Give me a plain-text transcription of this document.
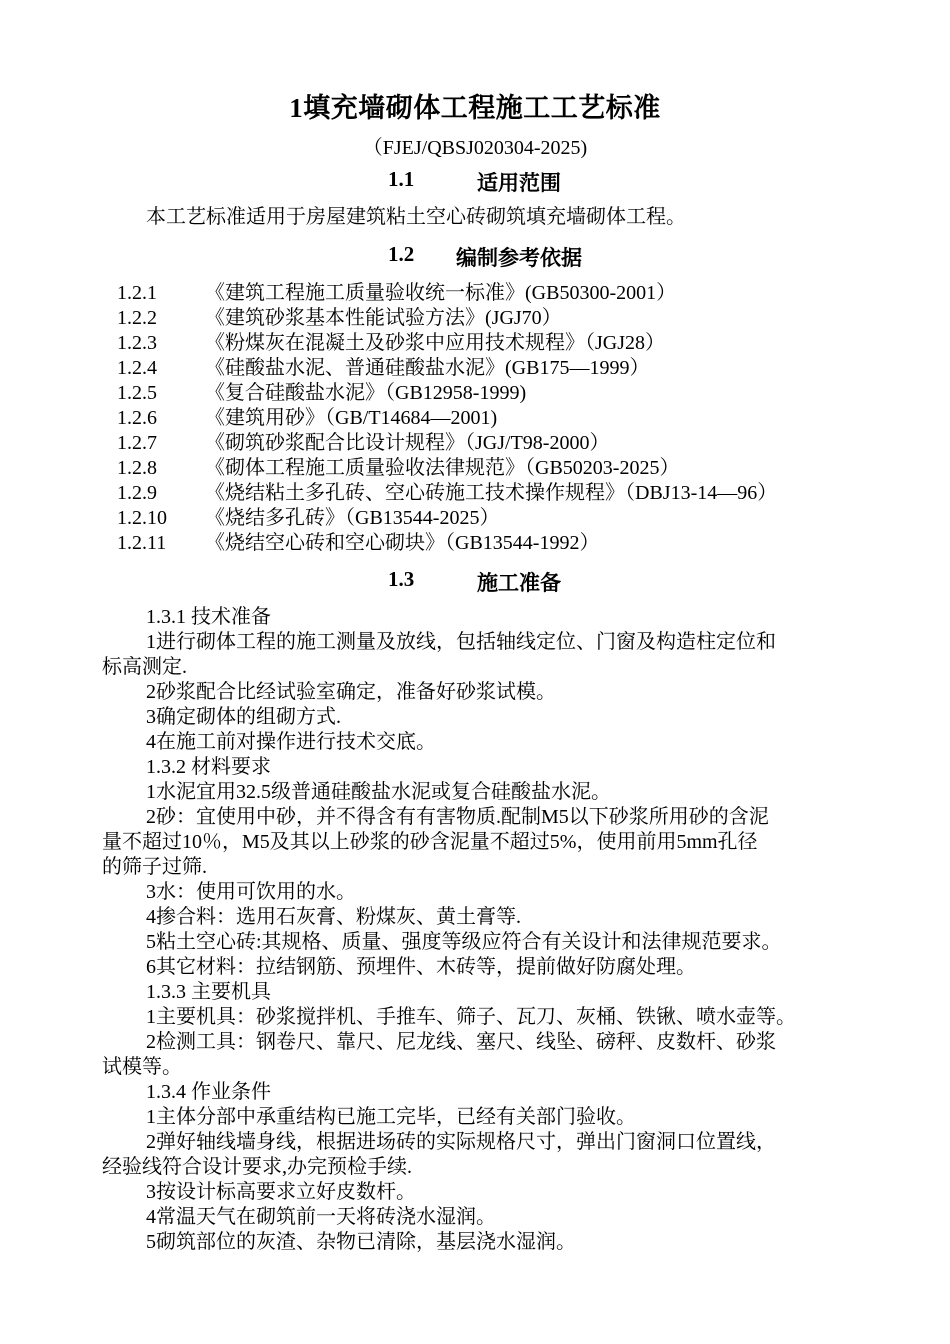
1填充墙砌体工程施工工艺标准
（FJEJ/QBSJ020304-2025)
1.1	适用范围
本工艺标准适用于房屋建筑粘土空心砖砌筑填充墙砌体工程。
1.2 编制参考依据
1.2.1 《建筑工程施工质量验收统一标准》(GB50300-2001）
1.2.2 《建筑砂浆基本性能试验方法》(JGJ70）
1.2.3 《粉煤灰在混凝土及砂浆中应用技术规程》（JGJ28）
1.2.4 《硅酸盐水泥、普通硅酸盐水泥》(GB175—1999）
1.2.5 《复合硅酸盐水泥》（GB12958-1999)
1.2.6 《建筑用砂》（GB/T14684—2001)
1.2.7 《砌筑砂浆配合比设计规程》（JGJ/T98-2000）
1.2.8 《砌体工程施工质量验收法律规范》（GB50203-2025）
1.2.9 《烧结粘土多孔砖、空心砖施工技术操作规程》（DBJ13-14—96）
1.2.10 《烧结多孔砖》（GB13544-2025）
1.2.11 《烧结空心砖和空心砌块》（GB13544-1992）
1.3	施工准备
1.3.1 技术准备
1进行砌体工程的施工测量及放线，包括轴线定位、门窗及构造柱定位和
标高测定.
2砂浆配合比经试验室确定，准备好砂浆试模。
3确定砌体的组砌方式.
4在施工前对操作进行技术交底。
1.3.2 材料要求
1水泥宜用32.5级普通硅酸盐水泥或复合硅酸盐水泥。
2砂：宜使用中砂，并不得含有有害物质.配制M5以下砂浆所用砂的含泥
量不超过10％，M5及其以上砂浆的砂含泥量不超过5%，使用前用5mm孔径
的筛子过筛.
3水：使用可饮用的水。
4掺合料：选用石灰膏、粉煤灰、黄土膏等.
5粘土空心砖:其规格、质量、强度等级应符合有关设计和法律规范要求。
6其它材料：拉结钢筋、预埋件、木砖等，提前做好防腐处理。
1.3.3 主要机具
1主要机具：砂浆搅拌机、手推车、筛子、瓦刀、灰桶、铁锹、喷水壶等。
2检测工具：钢卷尺、靠尺、尼龙线、塞尺、线坠、磅秤、皮数杆、砂浆
试模等。
1.3.4 作业条件
1主体分部中承重结构已施工完毕，已经有关部门验收。
2弹好轴线墙身线，根据进场砖的实际规格尺寸，弹出门窗洞口位置线，
经验线符合设计要求,办完预检手续.
3按设计标高要求立好皮数杆。
4常温天气在砌筑前一天将砖浇水湿润。
5砌筑部位的灰渣、杂物已清除，基层浇水湿润。
